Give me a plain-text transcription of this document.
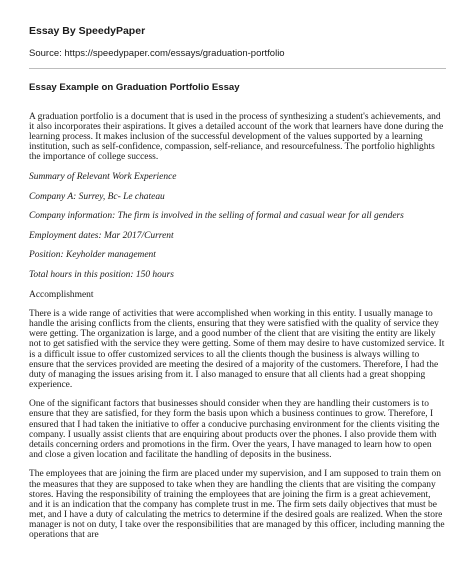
Essay By SpeedyPaper
Source: https://speedypaper.com/essays/graduation-portfolio
Essay Example on Graduation Portfolio Essay

A graduation portfolio is a document that is used in the process of synthesizing a student's achievements, and it also incorporates their aspirations. It gives a detailed account of the work that learners have done during the learning process. It makes inclusion of the successful development of the values supported by a learning institution, such as self-confidence, compassion, self-reliance, and resourcefulness. The portfolio highlights the importance of college success.

Summary of Relevant Work Experience

Company A: Surrey, Bc- Le chateau

Company information: The firm is involved in the selling of formal and casual wear for all genders

Employment dates: Mar 2017/Current

Position: Keyholder management

Total hours in this position: 150 hours

Accomplishment

There is a wide range of activities that were accomplished when working in this entity. I usually manage to handle the arising conflicts from the clients, ensuring that they were satisfied with the quality of service they were getting. The organization is large, and a good number of the client that are visiting the entity are likely not to get satisfied with the service they were getting. Some of them may desire to have customized service. It is a difficult issue to offer customized services to all the clients though the business is always willing to ensure that the services provided are meeting the desired of a majority of the customers. Therefore, I had the duty of managing the issues arising from it. I also managed to ensure that all clients had a great shopping experience.

One of the significant factors that businesses should consider when they are handling their customers is to ensure that they are satisfied, for they form the basis upon which a business continues to grow. Therefore, I ensured that I had taken the initiative to offer a conducive purchasing environment for the clients visiting the company. I usually assist clients that are enquiring about products over the phones. I also provide them with details concerning orders and promotions in the firm. Over the years, I have managed to learn how to open and close a given location and facilitate the handling of deposits in the business.

The employees that are joining the firm are placed under my supervision, and I am supposed to train them on the measures that they are supposed to take when they are handling the clients that are visiting the company stores. Having the responsibility of training the employees that are joining the firm is a great achievement, and it is an indication that the company has complete trust in me. The firm sets daily objectives that must be met, and I have a duty of calculating the metrics to determine if the desired goals are realized. When the store manager is not on duty, I take over the responsibilities that are managed by this officer, including manning the operations that are
